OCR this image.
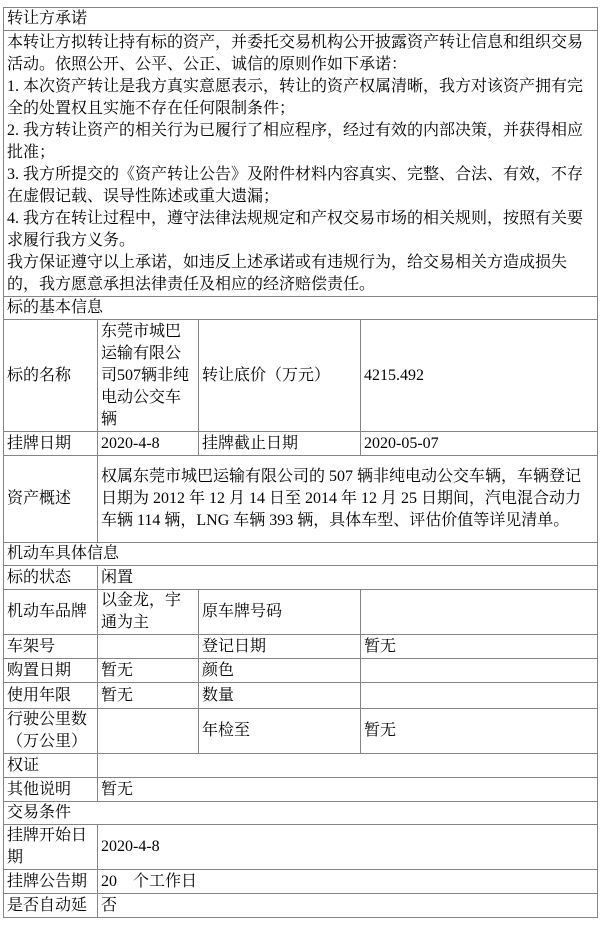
转让方承诺			

本转让方拟转让持有标的资产，并委托交易机构公开披露资产转让信息和组织交易活动。依照公开、公平、公正、诚信的原则作如下承诺：
1. 本次资产转让是我方真实意愿表示，转让的资产权属清晰，我方对该资产拥有完全的处置权且实施不存在任何限制条件；
2. 我方转让资产的相关行为已履行了相应程序，经过有效的内部决策，并获得相应批准；
3. 我方所提交的《资产转让公告》及附件材料内容真实、完整、合法、有效，不存在虚假记载、误导性陈述或重大遗漏；
4. 我方在转让过程中，遵守法律法规规定和产权交易市场的相关规则，按照有关要求履行我方义务。
我方保证遵守以上承诺，如违反上述承诺或有违规行为，给交易相关方造成损失的，我方愿意承担法律责任及相应的经济赔偿责任。

标的基本信息			
标的名称	东莞市城巴运输有限公司507辆非纯电动公交车辆	转让底价（万元）	4215.492
挂牌日期	2020-4-8	挂牌截止日期	2020-05-07
资产概述	权属东莞市城巴运输有限公司的 507 辆非纯电动公交车辆，车辆登记日期为 2012 年 12 月 14 日至 2014 年 12 月 25 日期间，汽电混合动力车辆 114 辆，LNG 车辆 393 辆，具体车型、评估价值等详见清单。		
机动车具体信息			
标的状态	闲置		
机动车品牌	以金龙，宇通为主	原车牌号码	
车架号		登记日期	暂无
购置日期	暂无	颜色	
使用年限	暂无	数量	
行驶公里数（万公里）		年检至	暂无
权证			
其他说明	暂无		
交易条件			
挂牌开始日期	2020-4-8		
挂牌公告期	20　个工作日		
是否自动延	否		
